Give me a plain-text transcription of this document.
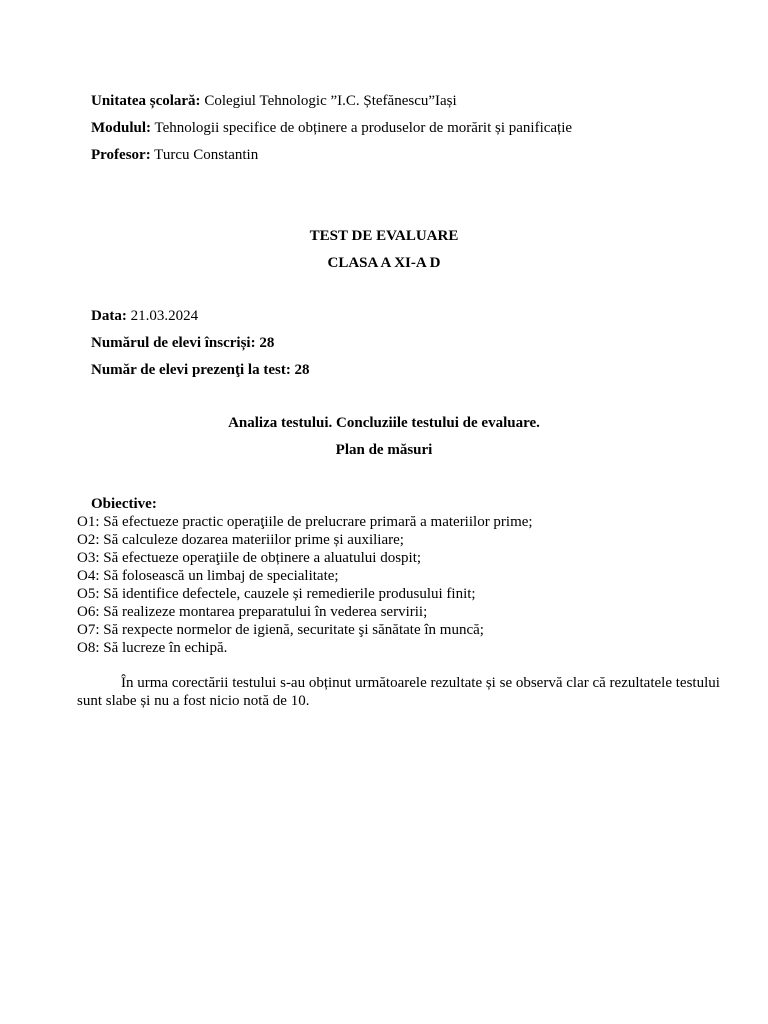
Unitatea școlară: Colegiul Tehnologic ”I.C. Ștefănescu”Iași
Modulul: Tehnologii specifice de obținere a produselor de morărit și panificație
Profesor: Turcu Constantin
TEST DE EVALUARE
CLASA A XI-A D
Data: 21.03.2024
Numărul de elevi înscriși: 28
Număr de elevi prezenţi la test: 28
Analiza testului. Concluziile testului de evaluare.
Plan de măsuri
Obiective:
O1: Să efectueze practic operaţiile de prelucrare primară a materiilor prime;
O2: Să calculeze dozarea materiilor prime și auxiliare;
O3: Să efectueze operaţiile de obținere a aluatului dospit;
O4: Să folosească un limbaj de specialitate;
O5: Să identifice defectele, cauzele și remedierile produsului finit;
O6: Să realizeze montarea preparatului în vederea servirii;
O7: Să rexpecte normelor de igienă, securitate şi sănătate în muncă;
O8: Să lucreze în echipă.
În urma corectării testului s-au obținut următoarele rezultate și se observă clar că rezultatele testului sunt slabe și nu a fost nicio notă de 10.
